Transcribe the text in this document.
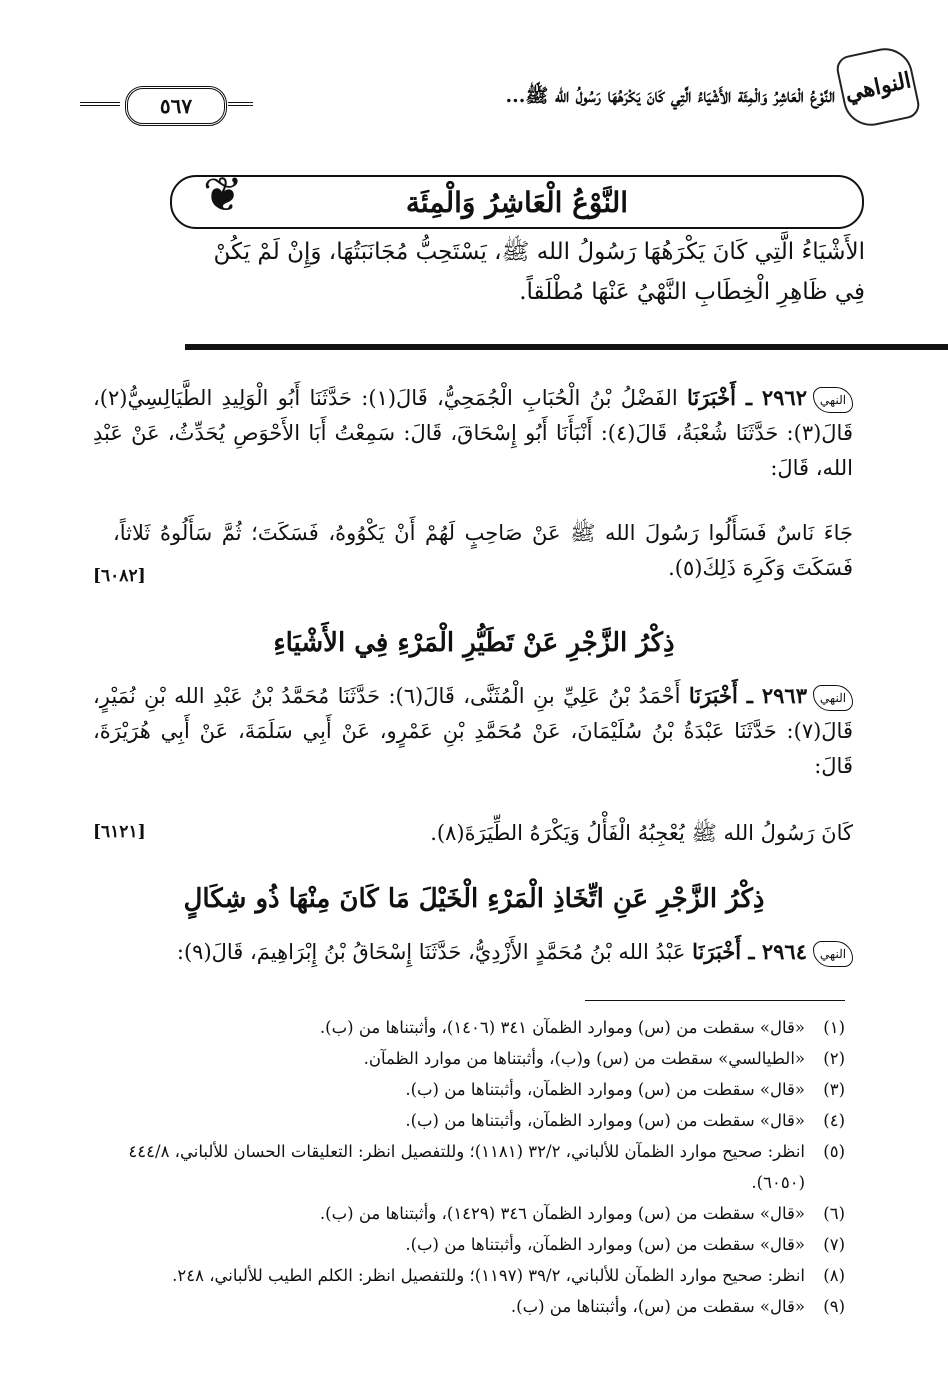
النواهي
النَّوْعُ الْعَاشِرُ وَالْمِئَة الأَشْيَاءُ الَّتِي كَانَ يَكْرَهُهَا رَسُولُ الله ﷺ...
٥٦٧
❦	النَّوْعُ الْعَاشِرُ وَالْمِئَة
الأَشْيَاءُ الَّتِي كَانَ يَكْرَهُهَا رَسُولُ الله ﷺ، يَسْتَحِبُّ مُجَانَبَتُهَا، وَإِنْ لَمْ يَكُنْ
فِي ظَاهِرِ الْخِطَابِ النَّهْيُ عَنْهَا مُطْلَقاً.
النهي٢٩٦٢ ـ أَخْبَرَنَا الفَضْلُ بْنُ الْحُبَابِ الْجُمَحِيُّ، قَالَ(١): حَدَّثَنَا أَبُو الْوَلِيدِ الطَّيَالِسِيُّ(٢)، قَالَ(٣): حَدَّثَنَا شُعْبَةُ، قَالَ(٤): أَنْبَأَنَا أَبُو إِسْحَاقَ، قَالَ: سَمِعْتُ أَبَا الأَحْوَصِ يُحَدِّثُ، عَنْ عَبْدِ الله، قَالَ:
جَاءَ نَاسٌ فَسَأَلُوا رَسُولَ الله ﷺ عَنْ صَاحِبٍ لَهُمْ أَنْ يَكْوُوهُ، فَسَكَتَ؛ ثُمَّ سَأَلُوهُ ثَلاثاً، فَسَكَتَ وَكَرِهَ ذَلِكَ(٥).
[٦٠٨٢]
ذِكْرُ الزَّجْرِ عَنْ تَطَيُّرِ الْمَرْءِ فِي الأَشْيَاءِ
النهي٢٩٦٣ ـ أَخْبَرَنَا أَحْمَدُ بْنُ عَلِيِّ بنِ الْمُثَنَّى، قَالَ(٦): حَدَّثَنَا مُحَمَّدُ بْنُ عَبْدِ الله بْنِ نُمَيْرٍ، قَالَ(٧): حَدَّثَنَا عَبْدَةُ بْنُ سُلَيْمَانَ، عَنْ مُحَمَّدِ بْنِ عَمْرٍو، عَنْ أَبِي سَلَمَةَ، عَنْ أَبِي هُرَيْرَةَ، قَالَ:
كَانَ رَسُولُ الله ﷺ يُعْجِبُهُ الْفَأْلُ وَيَكْرَهُ الطِّيَرَةَ(٨).
[٦١٢١]
ذِكْرُ الزَّجْرِ عَنِ اتِّخَاذِ الْمَرْءِ الْخَيْلَ مَا كَانَ مِنْهَا ذُو شِكَالٍ
النهي٢٩٦٤ ـ أَخْبَرَنَا عَبْدُ الله بْنُ مُحَمَّدٍ الأَزْدِيُّ، حَدَّثَنَا إِسْحَاقُ بْنُ إِبْرَاهِيمَ، قَالَ(٩):
(١)
«قال» سقطت من (س) وموارد الظمآن ٣٤١ (١٤٠٦)، وأثبتناها من (ب).
(٢)
«الطيالسي» سقطت من (س) و(ب)، وأثبتناها من موارد الظمآن.
(٣)
«قال» سقطت من (س) وموارد الظمآن، وأثبتناها من (ب).
(٤)
«قال» سقطت من (س) وموارد الظمآن، وأثبتناها من (ب).
(٥)
انظر: صحيح موارد الظمآن للألباني، ٣٢/٢ (١١٨١)؛ وللتفصيل انظر: التعليقات الحسان للألباني، ٤٤٤/٨ (٦٠٥٠).
(٦)
«قال» سقطت من (س) وموارد الظمآن ٣٤٦ (١٤٢٩)، وأثبتناها من (ب).
(٧)
«قال» سقطت من (س) وموارد الظمآن، وأثبتناها من (ب).
(٨)
انظر: صحيح موارد الظمآن للألباني، ٣٩/٢ (١١٩٧)؛ وللتفصيل انظر: الكلم الطيب للألباني، ٢٤٨.
(٩)
«قال» سقطت من (س)، وأثبتناها من (ب).
